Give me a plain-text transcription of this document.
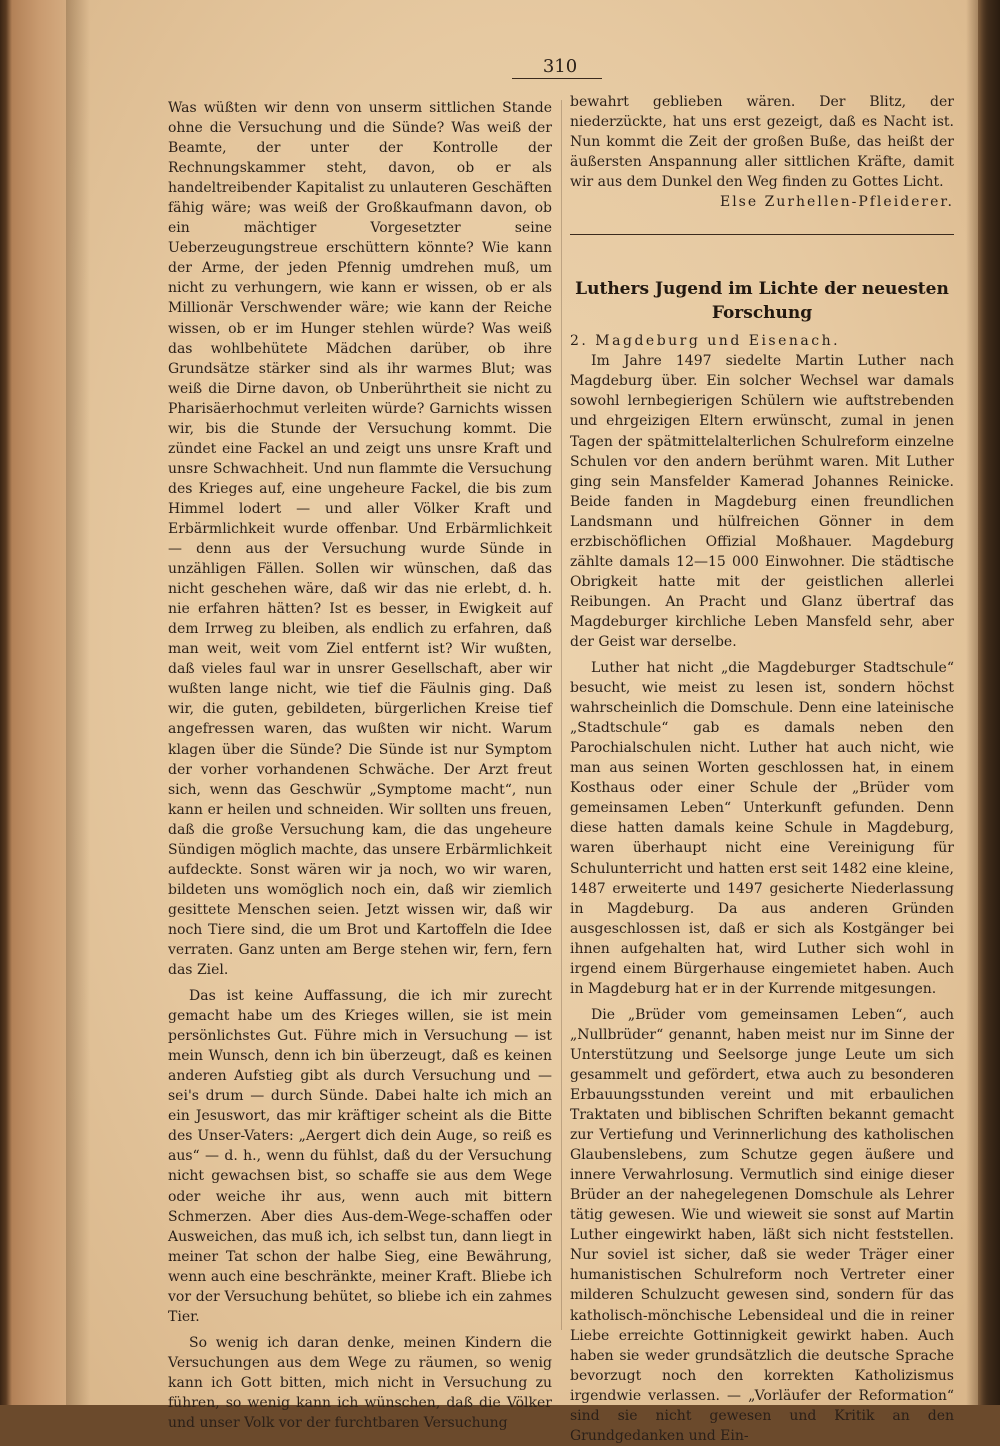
310

Was wüßten wir denn von unserm sittlichen Stande ohne die Versuchung und die Sünde? Was weiß der Beamte, der unter der Kontrolle der Rechnungskammer steht, davon, ob er als handeltreibender Kapitalist zu unlauteren Geschäften fähig wäre; was weiß der Großkaufmann davon, ob ein mächtiger Vorgesetzter seine Ueberzeugungstreue erschüttern könnte? Wie kann der Arme, der jeden Pfennig umdrehen muß, um nicht zu verhungern, wie kann er wissen, ob er als Millionär Verschwender wäre; wie kann der Reiche wissen, ob er im Hunger stehlen würde? Was weiß das wohlbehütete Mädchen darüber, ob ihre Grundsätze stärker sind als ihr warmes Blut; was weiß die Dirne davon, ob Unberührtheit sie nicht zu Pharisäerhochmut verleiten würde? Garnichts wissen wir, bis die Stunde der Versuchung kommt. Die zündet eine Fackel an und zeigt uns unsre Kraft und unsre Schwachheit. Und nun flammte die Versuchung des Krieges auf, eine ungeheure Fackel, die bis zum Himmel lodert — und aller Völker Kraft und Erbärmlichkeit wurde offenbar. Und Erbärmlichkeit — denn aus der Versuchung wurde Sünde in unzähligen Fällen. Sollen wir wünschen, daß das nicht geschehen wäre, daß wir das nie erlebt, d. h. nie erfahren hätten? Ist es besser, in Ewigkeit auf dem Irrweg zu bleiben, als endlich zu erfahren, daß man weit, weit vom Ziel entfernt ist? Wir wußten, daß vieles faul war in unsrer Gesellschaft, aber wir wußten lange nicht, wie tief die Fäulnis ging. Daß wir, die guten, gebildeten, bürgerlichen Kreise tief angefressen waren, das wußten wir nicht. Warum klagen über die Sünde? Die Sünde ist nur Symptom der vorher vorhandenen Schwäche. Der Arzt freut sich, wenn das Geschwür „Symptome macht“, nun kann er heilen und schneiden. Wir sollten uns freuen, daß die große Versuchung kam, die das ungeheure Sündigen möglich machte, das unsere Erbärmlichkeit aufdeckte. Sonst wären wir ja noch, wo wir waren, bildeten uns womöglich noch ein, daß wir ziemlich gesittete Menschen seien. Jetzt wissen wir, daß wir noch Tiere sind, die um Brot und Kartoffeln die Idee verraten. Ganz unten am Berge stehen wir, fern, fern das Ziel.

Das ist keine Auffassung, die ich mir zurecht gemacht habe um des Krieges willen, sie ist mein persönlichstes Gut. Führe mich in Versuchung — ist mein Wunsch, denn ich bin überzeugt, daß es keinen anderen Aufstieg gibt als durch Versuchung und — sei's drum — durch Sünde. Dabei halte ich mich an ein Jesuswort, das mir kräftiger scheint als die Bitte des Unser-Vaters: „Aergert dich dein Auge, so reiß es aus“ — d. h., wenn du fühlst, daß du der Versuchung nicht gewachsen bist, so schaffe sie aus dem Wege oder weiche ihr aus, wenn auch mit bittern Schmerzen. Aber dies Aus-dem-Wege-schaffen oder Ausweichen, das muß ich, ich selbst tun, dann liegt in meiner Tat schon der halbe Sieg, eine Bewährung, wenn auch eine beschränkte, meiner Kraft. Bliebe ich vor der Versuchung behütet, so bliebe ich ein zahmes Tier.

So wenig ich daran denke, meinen Kindern die Versuchungen aus dem Wege zu räumen, so wenig kann ich Gott bitten, mich nicht in Versuchung zu führen, so wenig kann ich wünschen, daß die Völker und unser Volk vor der furchtbaren Versuchung

bewahrt geblieben wären. Der Blitz, der niederzückte, hat uns erst gezeigt, daß es Nacht ist. Nun kommt die Zeit der großen Buße, das heißt der äußersten Anspannung aller sittlichen Kräfte, damit wir aus dem Dunkel den Weg finden zu Gottes Licht.

Else Zurhellen-Pfleiderer.
Luthers Jugend im Lichte der neuesten Forschung

2. Magdeburg und Eisenach.

Im Jahre 1497 siedelte Martin Luther nach Magdeburg über. Ein solcher Wechsel war damals sowohl lernbegierigen Schülern wie auftstrebenden und ehrgeizigen Eltern erwünscht, zumal in jenen Tagen der spätmittelalterlichen Schulreform einzelne Schulen vor den andern berühmt waren. Mit Luther ging sein Mansfelder Kamerad Johannes Reinicke. Beide fanden in Magdeburg einen freundlichen Landsmann und hülfreichen Gönner in dem erzbischöflichen Offizial Moßhauer. Magdeburg zählte damals 12—15 000 Einwohner. Die städtische Obrigkeit hatte mit der geistlichen allerlei Reibungen. An Pracht und Glanz übertraf das Magdeburger kirchliche Leben Mansfeld sehr, aber der Geist war derselbe.

Luther hat nicht „die Magdeburger Stadtschule“ besucht, wie meist zu lesen ist, sondern höchst wahrscheinlich die Domschule. Denn eine lateinische „Stadtschule“ gab es damals neben den Parochialschulen nicht. Luther hat auch nicht, wie man aus seinen Worten geschlossen hat, in einem Kosthaus oder einer Schule der „Brüder vom gemeinsamen Leben“ Unterkunft gefunden. Denn diese hatten damals keine Schule in Magdeburg, waren überhaupt nicht eine Vereinigung für Schulunterricht und hatten erst seit 1482 eine kleine, 1487 erweiterte und 1497 gesicherte Niederlassung in Magdeburg. Da aus anderen Gründen ausgeschlossen ist, daß er sich als Kostgänger bei ihnen aufgehalten hat, wird Luther sich wohl in irgend einem Bürgerhause eingemietet haben. Auch in Magdeburg hat er in der Kurrende mitgesungen.

Die „Brüder vom gemeinsamen Leben“, auch „Nullbrüder“ genannt, haben meist nur im Sinne der Unterstützung und Seelsorge junge Leute um sich gesammelt und gefördert, etwa auch zu besonderen Erbauungsstunden vereint und mit erbaulichen Traktaten und biblischen Schriften bekannt gemacht zur Vertiefung und Verinnerlichung des katholischen Glaubenslebens, zum Schutze gegen äußere und innere Verwahrlosung. Vermutlich sind einige dieser Brüder an der nahegelegenen Domschule als Lehrer tätig gewesen. Wie und wieweit sie sonst auf Martin Luther eingewirkt haben, läßt sich nicht feststellen. Nur soviel ist sicher, daß sie weder Träger einer humanistischen Schulreform noch Vertreter einer milderen Schulzucht gewesen sind, sondern für das katholisch-mönchische Lebensideal und die in reiner Liebe erreichte Gottinnigkeit gewirkt haben. Auch haben sie weder grundsätzlich die deutsche Sprache bevorzugt noch den korrekten Katholizismus irgendwie verlassen. — „Vorläufer der Reformation“ sind sie nicht gewesen und Kritik an den Grundgedanken und Ein-
